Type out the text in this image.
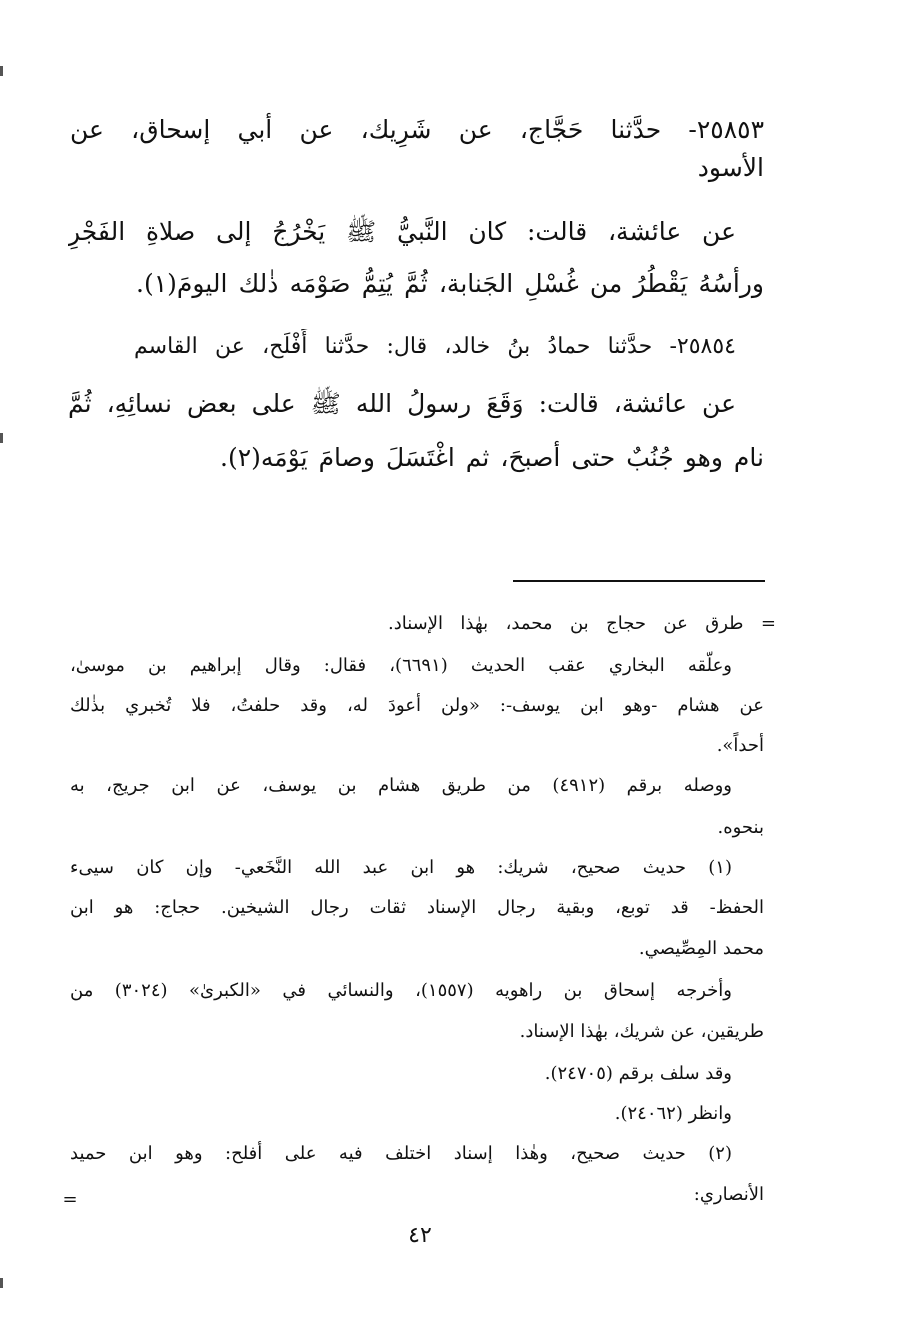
٢٥٨٥٣- حدَّثنا حَجَّاج، عن شَرِيك، عن أبي إسحاق، عن
الأسود
عن عائشة، قالت: كان النَّبيُّ ﷺ يَخْرُجُ إلى صلاةِ الفَجْرِ
ورأسُهُ يَقْطُرُ من غُسْلِ الجَنابة، ثُمَّ يُتِمُّ صَوْمَه ذٰلك اليومَ(١).
٢٥٨٥٤- حدَّثنا حمادُ بنُ خالد، قال: حدَّثنا أَفْلَح، عن القاسم
عن عائشة، قالت: وَقَعَ رسولُ الله ﷺ على بعض نسائِهِ، ثُمَّ
نام وهو جُنُبٌ حتى أصبحَ، ثم اغْتَسَلَ وصامَ يَوْمَه(٢).
= طرق عن حجاج بن محمد، بهٰذا الإسناد.
وعلّقه البخاري عقب الحديث (٦٦٩١)، فقال: وقال إبراهيم بن موسىٰ،
عن هشام -وهو ابن يوسف-: «ولن أعودَ له، وقد حلفتُ، فلا تُخبري بذٰلك
أحداً».
ووصله برقم (٤٩١٢) من طريق هشام بن يوسف، عن ابن جريج، به
بنحوه.
(١) حديث صحيح، شريك: هو ابن عبد الله النَّخَعي- وإن كان سيىء
الحفظ- قد توبع، وبقية رجال الإسناد ثقات رجال الشيخين. حجاج: هو ابن
محمد المِصِّيصي.
وأخرجه إسحاق بن راهويه (١٥٥٧)، والنسائي في «الكبرىٰ» (٣٠٢٤) من
طريقين، عن شريك، بهٰذا الإسناد.
وقد سلف برقم (٢٤٧٠٥).
وانظر (٢٤٠٦٢).
(٢) حديث صحيح، وهٰذا إسناد اختلف فيه على أفلح: وهو ابن حميد
الأنصاري:
=
٤٢
